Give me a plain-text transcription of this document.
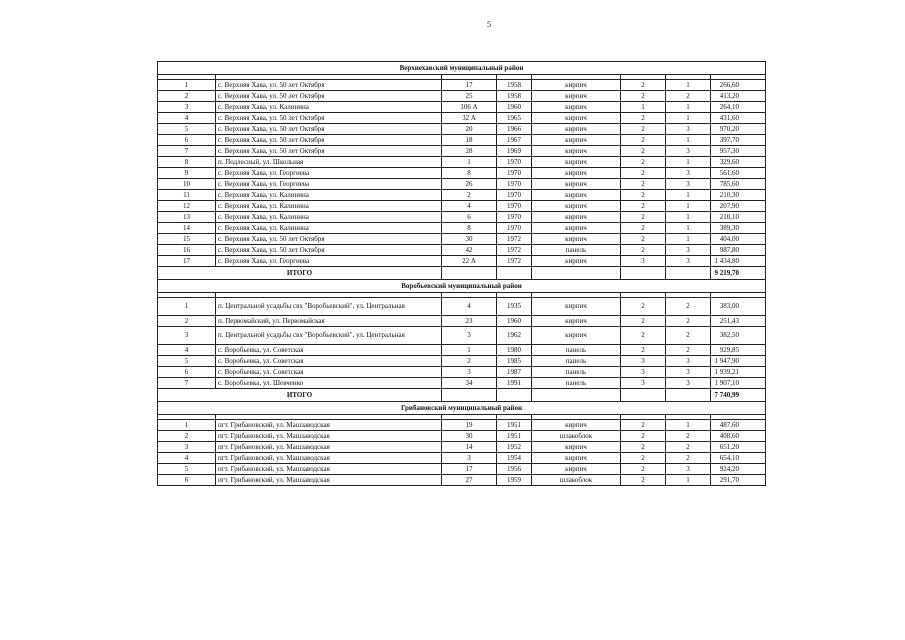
5
Верхнехавский муниципальный район							

1	с. Верхняя Хава, ул. 50 лет Октября	17	1958	кирпич	2	1	266,60
2	с. Верхняя Хава, ул. 50 лет Октября	25	1958	кирпич	2	2	413,20
3	с. Верхняя Хава, ул. Калинина	106 А	1960	кирпич	1	1	264,10
4	с. Верхняя Хава, ул. 50 лет Октября	32 А	1965	кирпич	2	1	431,60
5	с. Верхняя Хава, ул. 50 лет Октября	20	1966	кирпич	2	3	970,20
6	с. Верхняя Хава, ул. 50 лет Октября	18	1967	кирпич	2	1	397,70
7	с. Верхняя Хава, ул. 50 лет Октября	28	1969	кирпич	2	3	957,30
8	п. Подлесный, ул. Школьная	1	1970	кирпич	2	1	329,60
9	с. Верхняя Хава, ул. Георгиева	8	1970	кирпич	2	3	561,60
10	с. Верхняя Хава, ул. Георгиева	26	1970	кирпич	2	3	785,60
11	с. Верхняя Хава, ул. Калинина	2	1970	кирпич	2	1	210,30
12	с. Верхняя Хава, ул. Калинина	4	1970	кирпич	2	1	207,90
13	с. Верхняя Хава, ул. Калинина	6	1970	кирпич	2	1	210,10
14	с. Верхняя Хава, ул. Калинина	8	1970	кирпич	2	1	389,30
15	с. Верхняя Хава, ул. 50 лет Октября	30	1972	кирпич	2	1	404,00
16	с. Верхняя Хава, ул. 50 лет Октября	42	1972	панель	2	3	987,80
17	с. Верхняя Хава, ул. Георгиева	22 А	1972	кирпич	3	3	1 434,80
ИТОГО							9 219,70
Воробьевский муниципальный район							

1	п. Центральной усадьбы свх "Воробьевский", ул. Центральная	4	1935	кирпич	2	2	383,00
2	п. Первомайский, ул. Первомайская	23	1960	кирпич	2	2	251,43
3	п. Центральной усадьбы свх "Воробьевский", ул. Центральная	3	1962	кирпич	2	2	382,50
4	с. Воробьевка, ул. Советская	1	1980	панель	2	2	929,85
5	с. Воробьевка, ул. Советская	2	1985	панель	3	3	1 947,90
6	с. Воробьевка, ул. Советская	3	1987	панель	3	3	1 939,21
7	с. Воробьевка, ул. Шевченко	34	1991	панель	3	3	1 907,10
ИТОГО							7 740,99
Грибановский муниципальный район							

1	пгт. Грибановский, ул. Машзаводская	19	1951	кирпич	2	1	487,60
2	пгт. Грибановский, ул. Машзаводская	30	1951	шлакоблок	2	2	408,60
3	пгт. Грибановский, ул. Машзаводская	14	1952	кирпич	2	2	651,20
4	пгт. Грибановский, ул. Машзаводская	3	1954	кирпич	2	2	654,10
5	пгт. Грибановский, ул. Машзаводская	17	1956	кирпич	2	3	924,20
6	пгт. Грибановский, ул. Машзаводская	27	1959	шлакоблок	2	1	291,70
